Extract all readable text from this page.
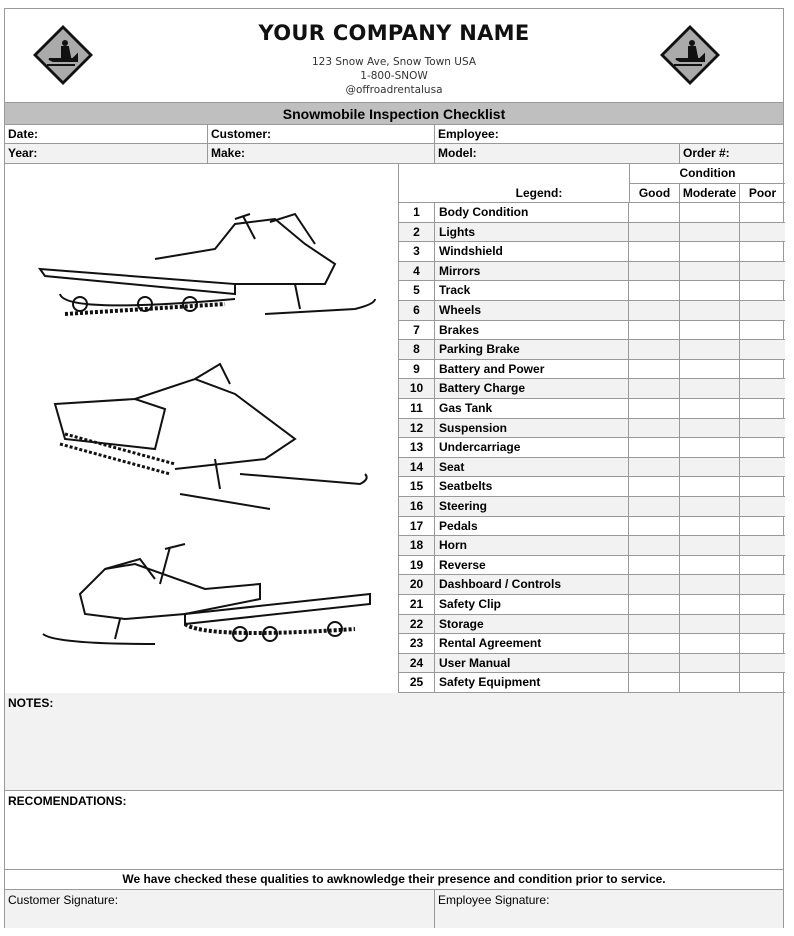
YOUR COMPANY NAME
123 Snow Ave, Snow Town USA
1-800-SNOW
@offroadrentalusa
Snowmobile Inspection Checklist
Date:	Customer:	Employee:
Year:	Make:	Model:	Order #:
Condition
Legend:	Good	Moderate	Poor
1	Body Condition
2	Lights
3	Windshield
4	Mirrors
5	Track
6	Wheels
7	Brakes
8	Parking Brake
9	Battery and Power
10	Battery Charge
11	Gas Tank
12	Suspension
13	Undercarriage
14	Seat
15	Seatbelts
16	Steering
17	Pedals
18	Horn
19	Reverse
20	Dashboard / Controls
21	Safety Clip
22	Storage
23	Rental Agreement
24	User Manual
25	Safety Equipment
NOTES:
RECOMENDATIONS:
We have checked these qualities to awknowledge their presence and condition prior to service.
Customer Signature:	Employee Signature:
